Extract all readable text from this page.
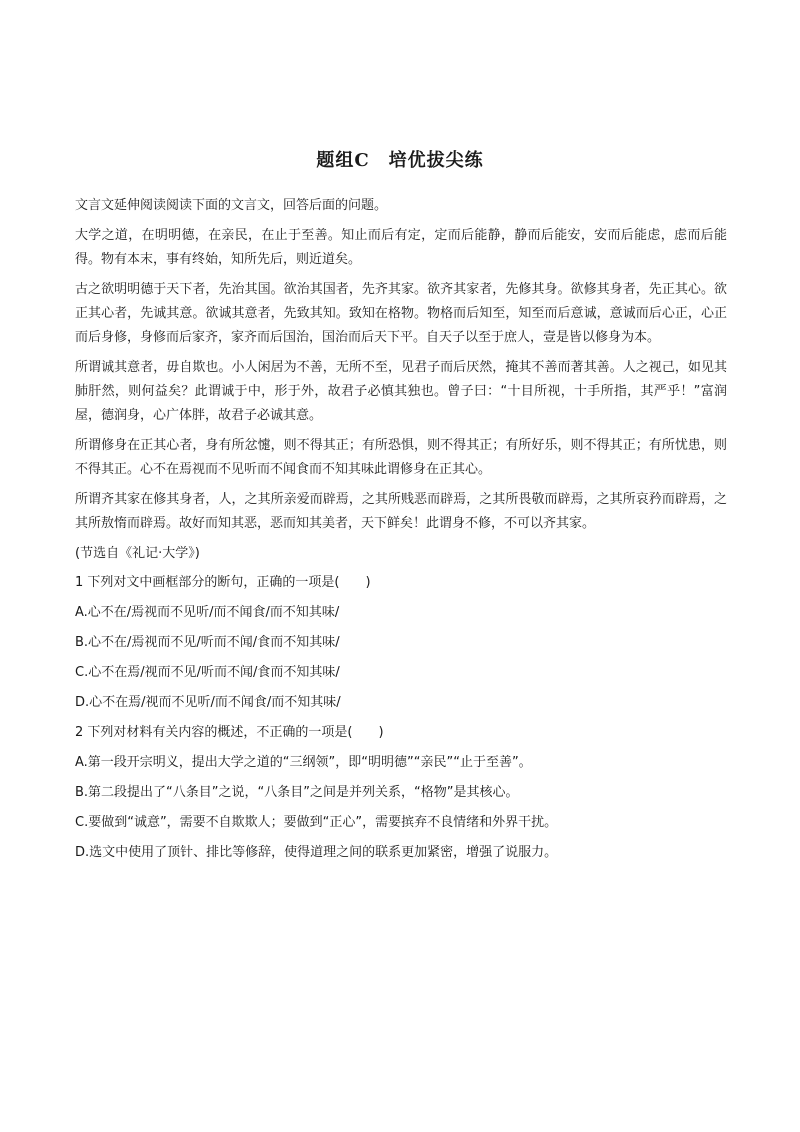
题组C　培优拔尖练

文言文延伸阅读阅读下面的文言文，回答后面的问题。

大学之道，在明明德，在亲民，在止于至善。知止而后有定，定而后能静，静而后能安，安而后能虑，虑而后能得。物有本末，事有终始，知所先后，则近道矣。

古之欲明明德于天下者，先治其国。欲治其国者，先齐其家。欲齐其家者，先修其身。欲修其身者，先正其心。欲正其心者，先诚其意。欲诚其意者，先致其知。致知在格物。物格而后知至，知至而后意诚，意诚而后心正，心正而后身修，身修而后家齐，家齐而后国治，国治而后天下平。自天子以至于庶人，壹是皆以修身为本。

所谓诚其意者，毋自欺也。小人闲居为不善，无所不至，见君子而后厌然，掩其不善而著其善。人之视己，如见其肺肝然，则何益矣？此谓诚于中，形于外，故君子必慎其独也。曾子曰：“十目所视，十手所指，其严乎！”富润屋，德润身，心广体胖，故君子必诚其意。

所谓修身在正其心者，身有所忿懥，则不得其正；有所恐惧，则不得其正；有所好乐，则不得其正；有所忧患，则不得其正。心不在焉视而不见听而不闻食而不知其味此谓修身在正其心。

所谓齐其家在修其身者，人，之其所亲爱而辟焉，之其所贱恶而辟焉，之其所畏敬而辟焉，之其所哀矜而辟焉，之其所敖惰而辟焉。故好而知其恶，恶而知其美者，天下鲜矣！此谓身不修，不可以齐其家。

(节选自《礼记·大学》)

1 下列对文中画框部分的断句，正确的一项是(　　)

A.心不在/焉视而不见听/而不闻食/而不知其味/

B.心不在/焉视而不见/听而不闻/食而不知其味/

C.心不在焉/视而不见/听而不闻/食而不知其味/

D.心不在焉/视而不见听/而不闻食/而不知其味/

2 下列对材料有关内容的概述，不正确的一项是(　　)

A.第一段开宗明义，提出大学之道的“三纲领”，即“明明德”“亲民”“止于至善”。

B.第二段提出了“八条目”之说，“八条目”之间是并列关系，“格物”是其核心。

C.要做到“诚意”，需要不自欺欺人；要做到“正心”，需要摈弃不良情绪和外界干扰。

D.选文中使用了顶针、排比等修辞，使得道理之间的联系更加紧密，增强了说服力。
